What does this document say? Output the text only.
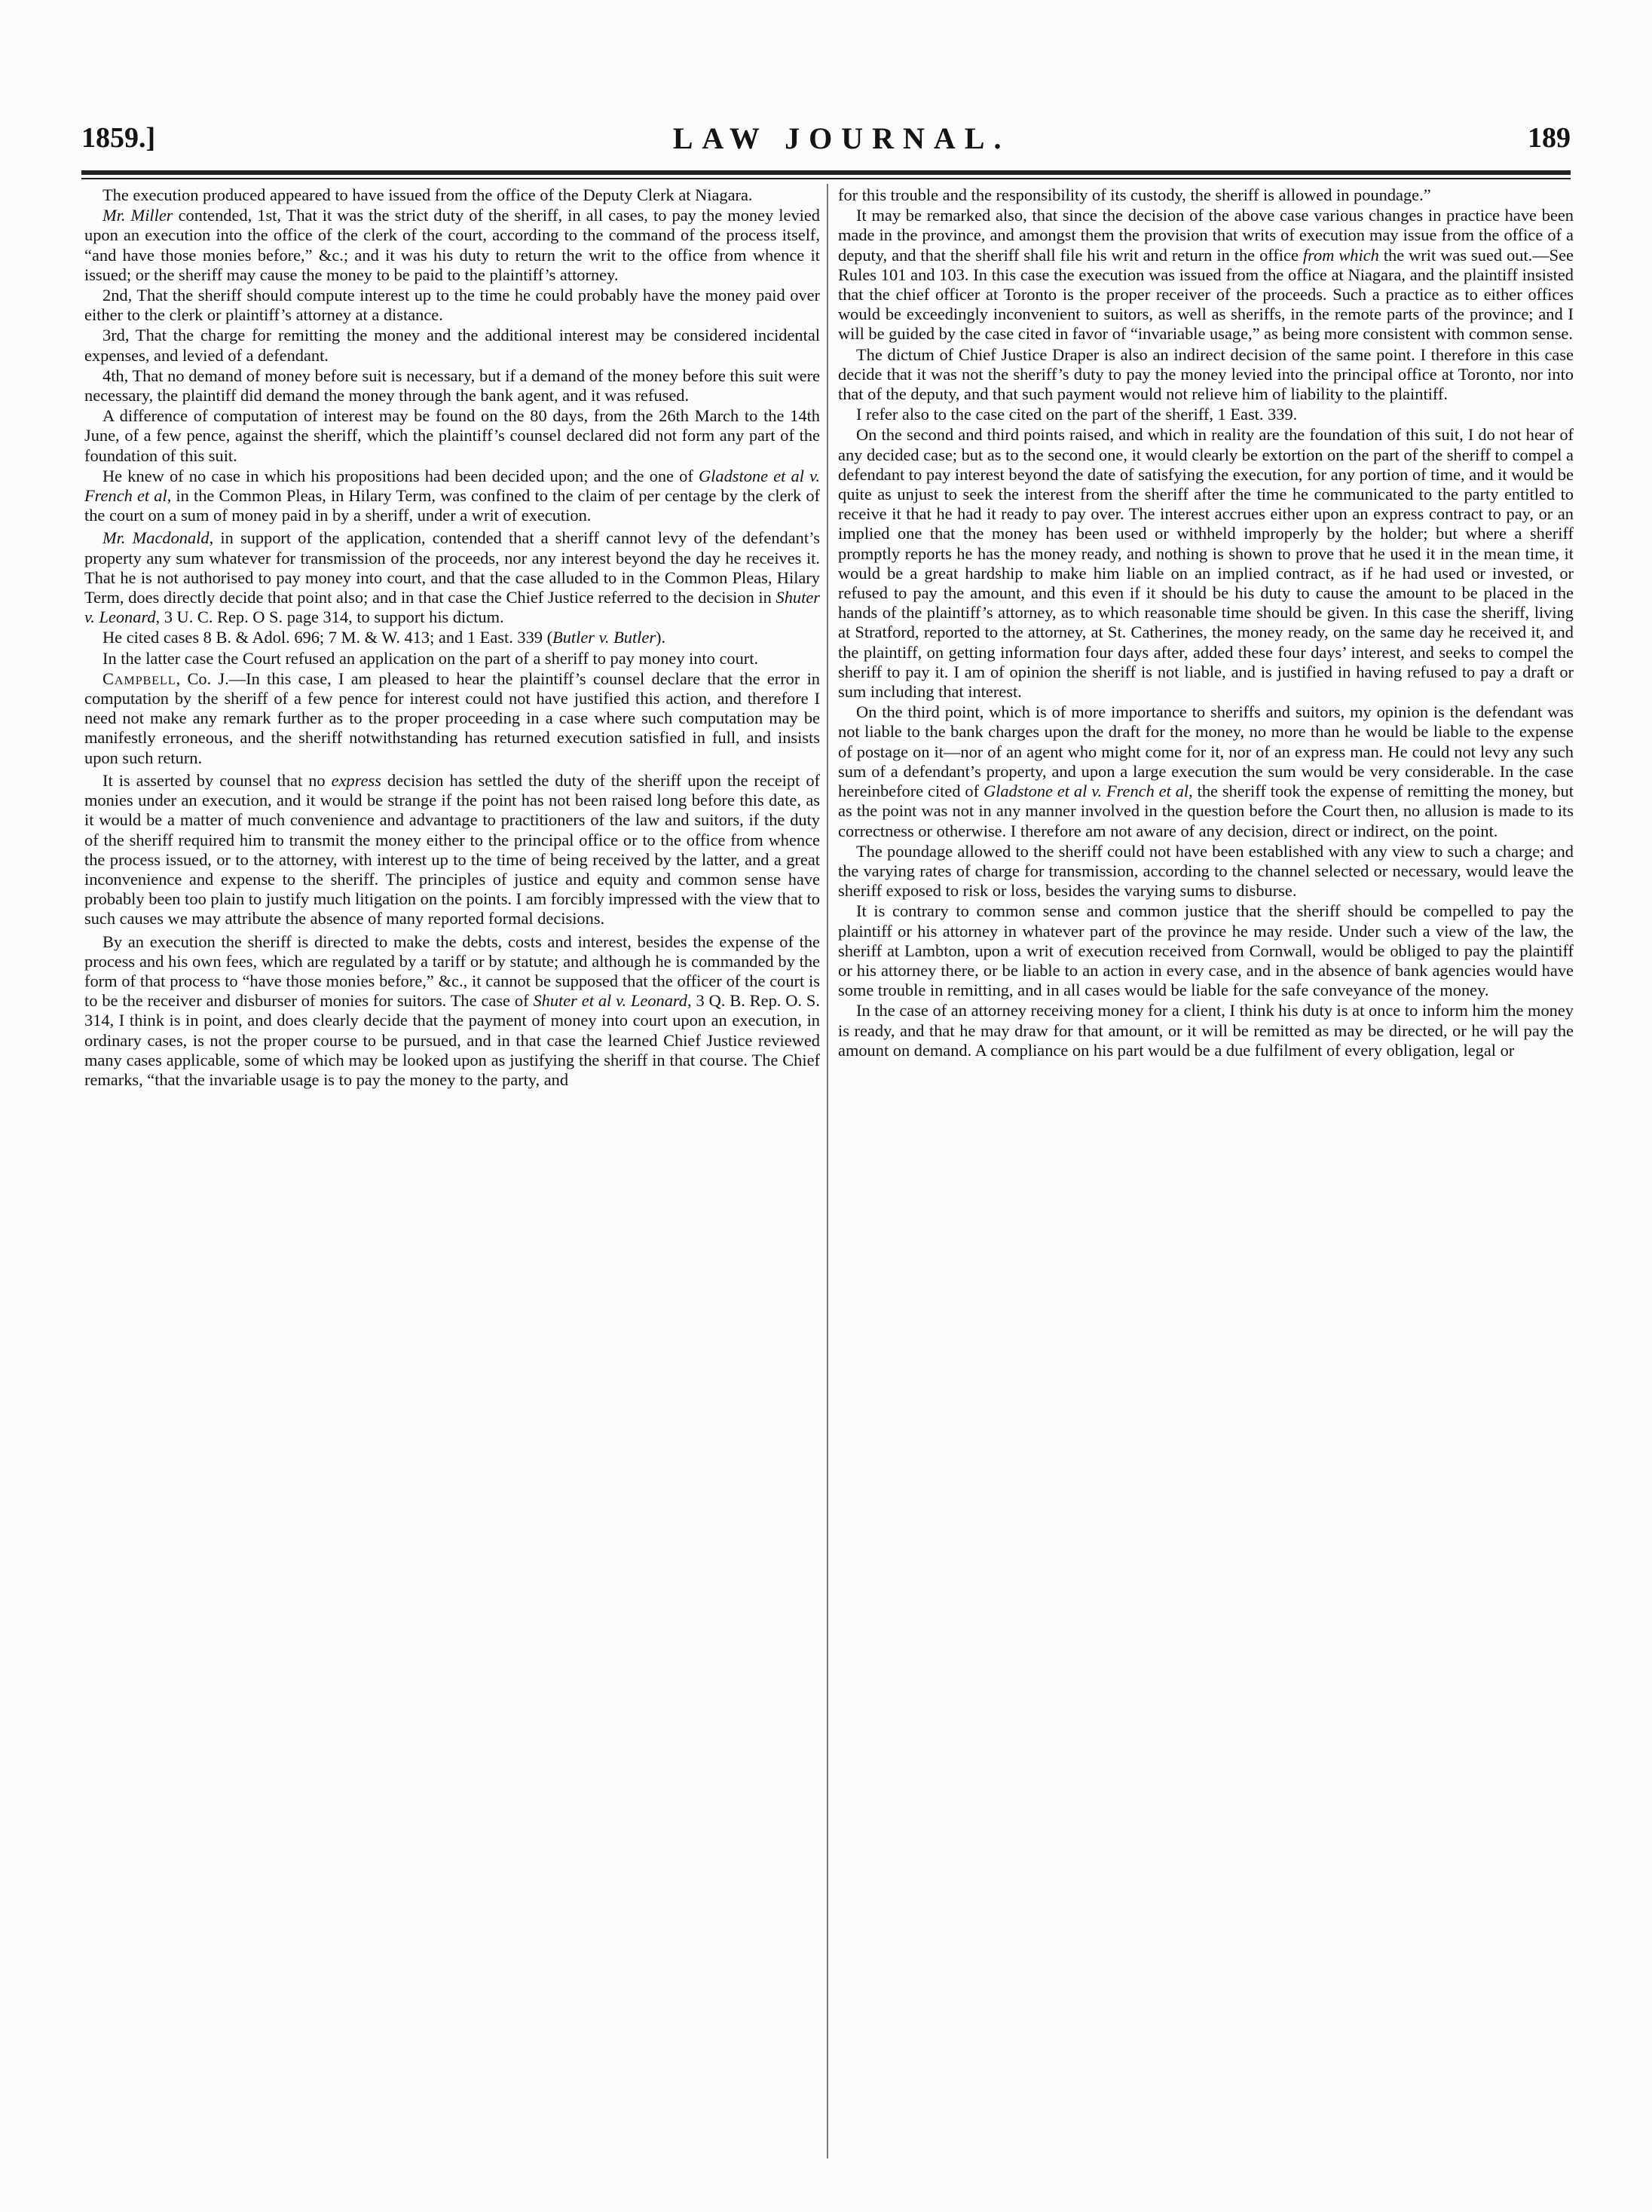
1859.]	LAW JOURNAL.	189

The execution produced appeared to have issued from the office of the Deputy Clerk at Niagara.

Mr. Miller contended, 1st, That it was the strict duty of the sheriff, in all cases, to pay the money levied upon an execution into the office of the clerk of the court, according to the command of the process itself, “and have those monies before,” &c.; and it was his duty to return the writ to the office from whence it issued; or the sheriff may cause the money to be paid to the plaintiff’s attorney.

2nd, That the sheriff should compute interest up to the time he could probably have the money paid over either to the clerk or plaintiff’s attorney at a distance.

3rd, That the charge for remitting the money and the additional interest may be considered incidental expenses, and levied of a defendant.

4th, That no demand of money before suit is necessary, but if a demand of the money before this suit were necessary, the plaintiff did demand the money through the bank agent, and it was refused.

A difference of computation of interest may be found on the 80 days, from the 26th March to the 14th June, of a few pence, against the sheriff, which the plaintiff’s counsel declared did not form any part of the foundation of this suit.

He knew of no case in which his propositions had been decided upon; and the one of Gladstone et al v. French et al, in the Common Pleas, in Hilary Term, was confined to the claim of per centage by the clerk of the court on a sum of money paid in by a sheriff, under a writ of execution.

Mr. Macdonald, in support of the application, contended that a sheriff cannot levy of the defendant’s property any sum whatever for transmission of the proceeds, nor any interest beyond the day he receives it. That he is not authorised to pay money into court, and that the case alluded to in the Common Pleas, Hilary Term, does directly decide that point also; and in that case the Chief Justice referred to the decision in Shuter v. Leonard, 3 U. C. Rep. O S. page 314, to support his dictum.

He cited cases 8 B. & Adol. 696; 7 M. & W. 413; and 1 East. 339 (Butler v. Butler).

In the latter case the Court refused an application on the part of a sheriff to pay money into court.

Campbell, Co. J.—In this case, I am pleased to hear the plaintiff’s counsel declare that the error in computation by the sheriff of a few pence for interest could not have justified this action, and therefore I need not make any remark further as to the proper proceeding in a case where such computation may be manifestly erroneous, and the sheriff notwithstanding has returned execution satisfied in full, and insists upon such return.

It is asserted by counsel that no express decision has settled the duty of the sheriff upon the receipt of monies under an execution, and it would be strange if the point has not been raised long before this date, as it would be a matter of much convenience and advantage to practitioners of the law and suitors, if the duty of the sheriff required him to transmit the money either to the principal office or to the office from whence the process issued, or to the attorney, with interest up to the time of being received by the latter, and a great inconvenience and expense to the sheriff. The principles of justice and equity and common sense have probably been too plain to justify much litigation on the points. I am forcibly impressed with the view that to such causes we may attribute the absence of many reported formal decisions.

By an execution the sheriff is directed to make the debts, costs and interest, besides the expense of the process and his own fees, which are regulated by a tariff or by statute; and although he is commanded by the form of that process to “have those monies before,” &c., it cannot be supposed that the officer of the court is to be the receiver and disburser of monies for suitors. The case of Shuter et al v. Leonard, 3 Q. B. Rep. O. S. 314, I think is in point, and does clearly decide that the payment of money into court upon an execution, in ordinary cases, is not the proper course to be pursued, and in that case the learned Chief Justice reviewed many cases applicable, some of which may be looked upon as justifying the sheriff in that course. The Chief remarks, “that the invariable usage is to pay the money to the party, and

for this trouble and the responsibility of its custody, the sheriff is allowed in poundage.”

It may be remarked also, that since the decision of the above case various changes in practice have been made in the province, and amongst them the provision that writs of execution may issue from the office of a deputy, and that the sheriff shall file his writ and return in the office from which the writ was sued out.—See Rules 101 and 103. In this case the execution was issued from the office at Niagara, and the plaintiff insisted that the chief officer at Toronto is the proper receiver of the proceeds. Such a practice as to either offices would be exceedingly inconvenient to suitors, as well as sheriffs, in the remote parts of the province; and I will be guided by the case cited in favor of “invariable usage,” as being more consistent with common sense.

The dictum of Chief Justice Draper is also an indirect decision of the same point. I therefore in this case decide that it was not the sheriff’s duty to pay the money levied into the principal office at Toronto, nor into that of the deputy, and that such payment would not relieve him of liability to the plaintiff.

I refer also to the case cited on the part of the sheriff, 1 East. 339.

On the second and third points raised, and which in reality are the foundation of this suit, I do not hear of any decided case; but as to the second one, it would clearly be extortion on the part of the sheriff to compel a defendant to pay interest beyond the date of satisfying the execution, for any portion of time, and it would be quite as unjust to seek the interest from the sheriff after the time he communicated to the party entitled to receive it that he had it ready to pay over. The interest accrues either upon an express contract to pay, or an implied one that the money has been used or withheld improperly by the holder; but where a sheriff promptly reports he has the money ready, and nothing is shown to prove that he used it in the mean time, it would be a great hardship to make him liable on an implied contract, as if he had used or invested, or refused to pay the amount, and this even if it should be his duty to cause the amount to be placed in the hands of the plaintiff’s attorney, as to which reasonable time should be given. In this case the sheriff, living at Stratford, reported to the attorney, at St. Catherines, the money ready, on the same day he received it, and the plaintiff, on getting information four days after, added these four days’ interest, and seeks to compel the sheriff to pay it. I am of opinion the sheriff is not liable, and is justified in having refused to pay a draft or sum including that interest.

On the third point, which is of more importance to sheriffs and suitors, my opinion is the defendant was not liable to the bank charges upon the draft for the money, no more than he would be liable to the expense of postage on it—nor of an agent who might come for it, nor of an express man. He could not levy any such sum of a defendant’s property, and upon a large execution the sum would be very considerable. In the case hereinbefore cited of Gladstone et al v. French et al, the sheriff took the expense of remitting the money, but as the point was not in any manner involved in the question before the Court then, no allusion is made to its correctness or otherwise. I therefore am not aware of any decision, direct or indirect, on the point.

The poundage allowed to the sheriff could not have been established with any view to such a charge; and the varying rates of charge for transmission, according to the channel selected or necessary, would leave the sheriff exposed to risk or loss, besides the varying sums to disburse.

It is contrary to common sense and common justice that the sheriff should be compelled to pay the plaintiff or his attorney in whatever part of the province he may reside. Under such a view of the law, the sheriff at Lambton, upon a writ of execution received from Cornwall, would be obliged to pay the plaintiff or his attorney there, or be liable to an action in every case, and in the absence of bank agencies would have some trouble in remitting, and in all cases would be liable for the safe conveyance of the money.

In the case of an attorney receiving money for a client, I think his duty is at once to inform him the money is ready, and that he may draw for that amount, or it will be remitted as may be directed, or he will pay the amount on demand. A compliance on his part would be a due fulfilment of every obligation, legal or
